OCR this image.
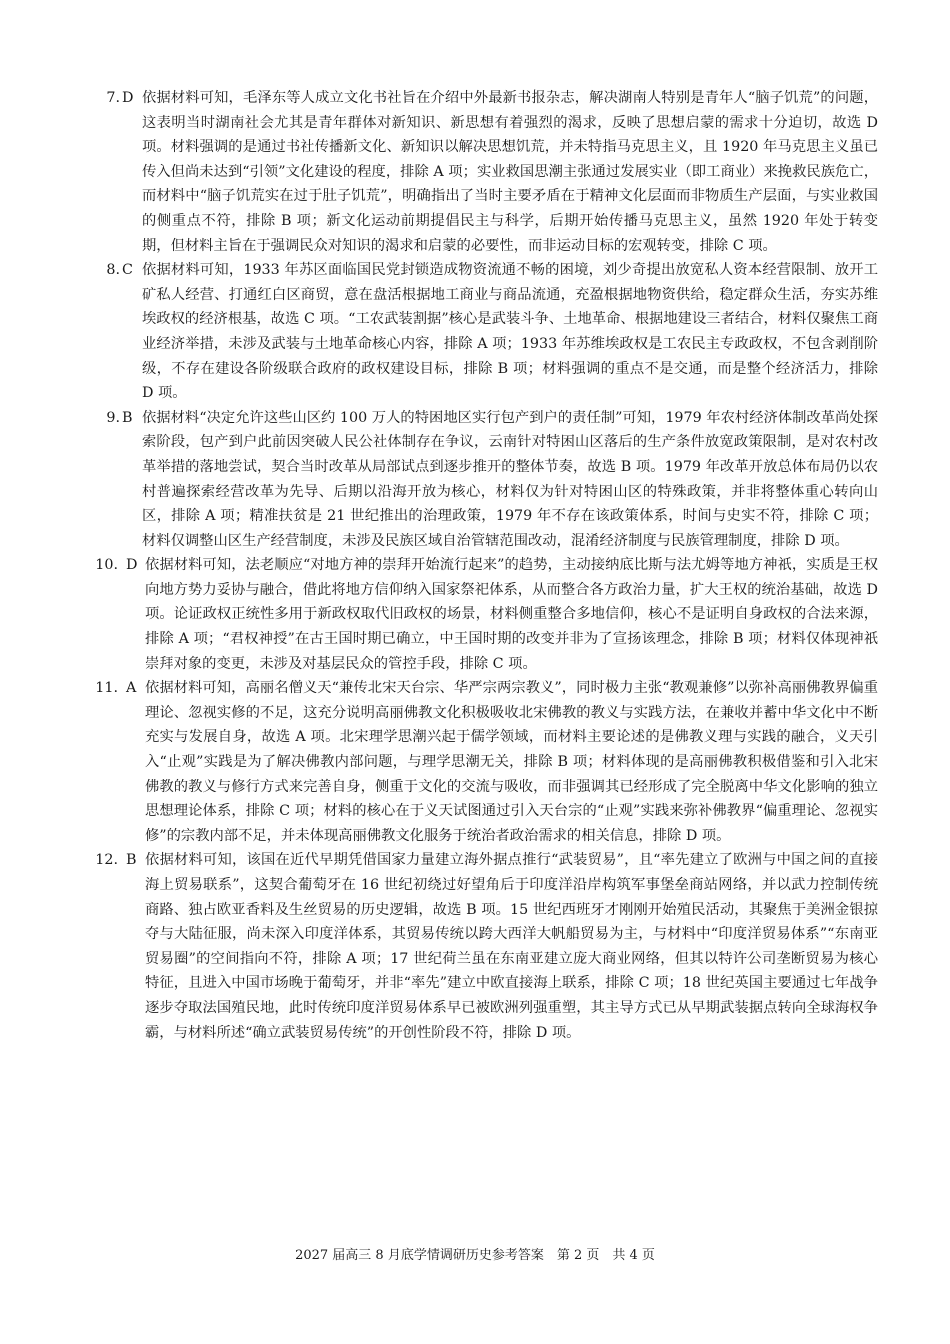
7. D 依据材料可知，毛泽东等人成立文化书社旨在介绍中外最新书报杂志，解决湖南人特别是青年人“脑子饥荒”的问题，这表明当时湖南社会尤其是青年群体对新知识、新思想有着强烈的渴求，反映了思想启蒙的需求十分迫切，故选 D 项。材料强调的是通过书社传播新文化、新知识以解决思想饥荒，并未特指马克思主义，且 1920 年马克思主义虽已传入但尚未达到“引领”文化建设的程度，排除 A 项；实业救国思潮主张通过发展实业（即工商业）来挽救民族危亡，而材料中“脑子饥荒实在过于肚子饥荒”，明确指出了当时主要矛盾在于精神文化层面而非物质生产层面，与实业救国的侧重点不符，排除 B 项；新文化运动前期提倡民主与科学，后期开始传播马克思主义，虽然 1920 年处于转变期，但材料主旨在于强调民众对知识的渴求和启蒙的必要性，而非运动目标的宏观转变，排除 C 项。
8. C 依据材料可知，1933 年苏区面临国民党封锁造成物资流通不畅的困境，刘少奇提出放宽私人资本经营限制、放开工矿私人经营、打通红白区商贸，意在盘活根据地工商业与商品流通，充盈根据地物资供给，稳定群众生活，夯实苏维埃政权的经济根基，故选 C 项。“工农武装割据”核心是武装斗争、土地革命、根据地建设三者结合，材料仅聚焦工商业经济举措，未涉及武装与土地革命核心内容，排除 A 项；1933 年苏维埃政权是工农民主专政政权，不包含剥削阶级，不存在建设各阶级联合政府的政权建设目标，排除 B 项；材料强调的重点不是交通，而是整个经济活力，排除 D 项。
9. B 依据材料“决定允许这些山区约 100 万人的特困地区实行包产到户的责任制”可知，1979 年农村经济体制改革尚处探索阶段，包产到户此前因突破人民公社体制存在争议，云南针对特困山区落后的生产条件放宽政策限制，是对农村改革举措的落地尝试，契合当时改革从局部试点到逐步推开的整体节奏，故选 B 项。1979 年改革开放总体布局仍以农村普遍探索经营改革为先导、后期以沿海开放为核心，材料仅为针对特困山区的特殊政策，并非将整体重心转向山区，排除 A 项；精准扶贫是 21 世纪推出的治理政策，1979 年不存在该政策体系，时间与史实不符，排除 C 项；材料仅调整山区生产经营制度，未涉及民族区域自治管辖范围改动，混淆经济制度与民族管理制度，排除 D 项。
10. D 依据材料可知，法老顺应“对地方神的崇拜开始流行起来”的趋势，主动接纳底比斯与法尤姆等地方神祇，实质是王权向地方势力妥协与融合，借此将地方信仰纳入国家祭祀体系，从而整合各方政治力量，扩大王权的统治基础，故选 D 项。论证政权正统性多用于新政权取代旧政权的场景，材料侧重整合多地信仰，核心不是证明自身政权的合法来源，排除 A 项；“君权神授”在古王国时期已确立，中王国时期的改变并非为了宣扬该理念，排除 B 项；材料仅体现神祇崇拜对象的变更，未涉及对基层民众的管控手段，排除 C 项。
11. A 依据材料可知，高丽名僧义天“兼传北宋天台宗、华严宗两宗教义”，同时极力主张“教观兼修”以弥补高丽佛教界偏重理论、忽视实修的不足，这充分说明高丽佛教文化积极吸收北宋佛教的教义与实践方法，在兼收并蓄中华文化中不断充实与发展自身，故选 A 项。北宋理学思潮兴起于儒学领域，而材料主要论述的是佛教义理与实践的融合，义天引入“止观”实践是为了解决佛教内部问题，与理学思潮无关，排除 B 项；材料体现的是高丽佛教积极借鉴和引入北宋佛教的教义与修行方式来完善自身，侧重于文化的交流与吸收，而非强调其已经形成了完全脱离中华文化影响的独立思想理论体系，排除 C 项；材料的核心在于义天试图通过引入天台宗的“止观”实践来弥补佛教界“偏重理论、忽视实修”的宗教内部不足，并未体现高丽佛教文化服务于统治者政治需求的相关信息，排除 D 项。
12. B 依据材料可知，该国在近代早期凭借国家力量建立海外据点推行“武装贸易”，且“率先建立了欧洲与中国之间的直接海上贸易联系”，这契合葡萄牙在 16 世纪初绕过好望角后于印度洋沿岸构筑军事堡垒商站网络，并以武力控制传统商路、独占欧亚香料及生丝贸易的历史逻辑，故选 B 项。15 世纪西班牙才刚刚开始殖民活动，其聚焦于美洲金银掠夺与大陆征服，尚未深入印度洋体系，其贸易传统以跨大西洋大帆船贸易为主，与材料中“印度洋贸易体系”“东南亚贸易圈”的空间指向不符，排除 A 项；17 世纪荷兰虽在东南亚建立庞大商业网络，但其以特许公司垄断贸易为核心特征，且进入中国市场晚于葡萄牙，并非“率先”建立中欧直接海上联系，排除 C 项；18 世纪英国主要通过七年战争逐步夺取法国殖民地，此时传统印度洋贸易体系早已被欧洲列强重塑，其主导方式已从早期武装据点转向全球海权争霸，与材料所述“确立武装贸易传统”的开创性阶段不符，排除 D 项。
2027 届高三 8 月底学情调研历史参考答案　第 2 页　共 4 页
